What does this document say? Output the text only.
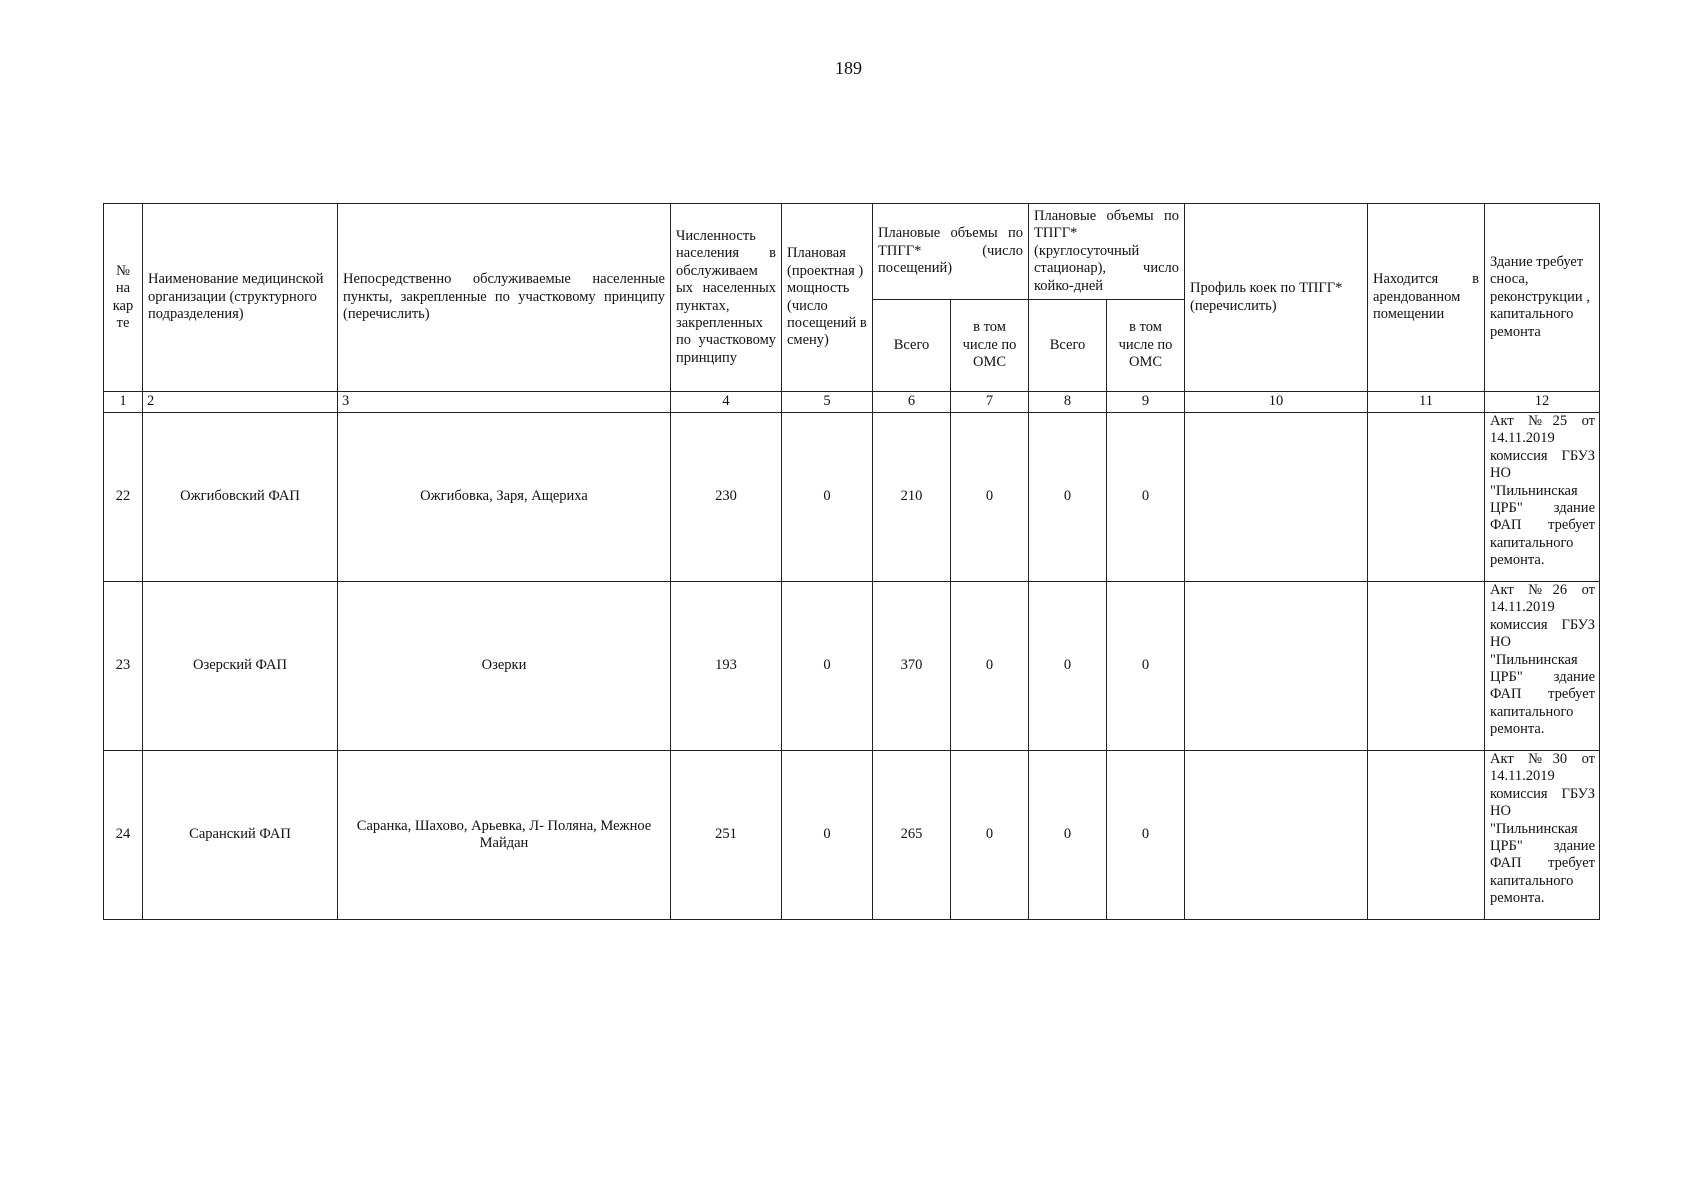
189
№ на кар те	Наименование медицинской организации (структурного подразделения)	Непосредственно обслуживаемые населенные пункты, закрепленные по участковому принципу (перечислить)	Численность населения в обслуживаем ых населенных пунктах, закрепленных по участковому принципу	Плановая (проектная ) мощность (число посещений в смену)	Плановые объемы по ТПГГ* (число посещений)		Плановые объемы по ТПГГ* (круглосуточный стационар), число койко-дней		Профиль коек по ТПГГ* (перечислить)	Находится в арендованном помещении	Здание требует сноса, реконструкции , капитального ремонта
					Всего	в том числе по ОМС	Всего	в том числе по ОМС			
1	2	3	4	5	6	7	8	9	10	11	12
22	Ожгибовский ФАП	Ожгибовка, Заря, Ащериха	230	0	210	0	0	0			Акт №25 от 14.11.2019 комиссия ГБУЗ НО "Пильнинская ЦРБ" здание ФАП требует капитального ремонта.
23	Озерский ФАП	Озерки	193	0	370	0	0	0			Акт №26 от 14.11.2019 комиссия ГБУЗ НО "Пильнинская ЦРБ" здание ФАП требует капитального ремонта.
24	Саранский ФАП	Саранка, Шахово, Арьевка, Л- Поляна, Межное Майдан	251	0	265	0	0	0			Акт №30 от 14.11.2019 комиссия ГБУЗ НО "Пильнинская ЦРБ" здание ФАП требует капитального ремонта.
